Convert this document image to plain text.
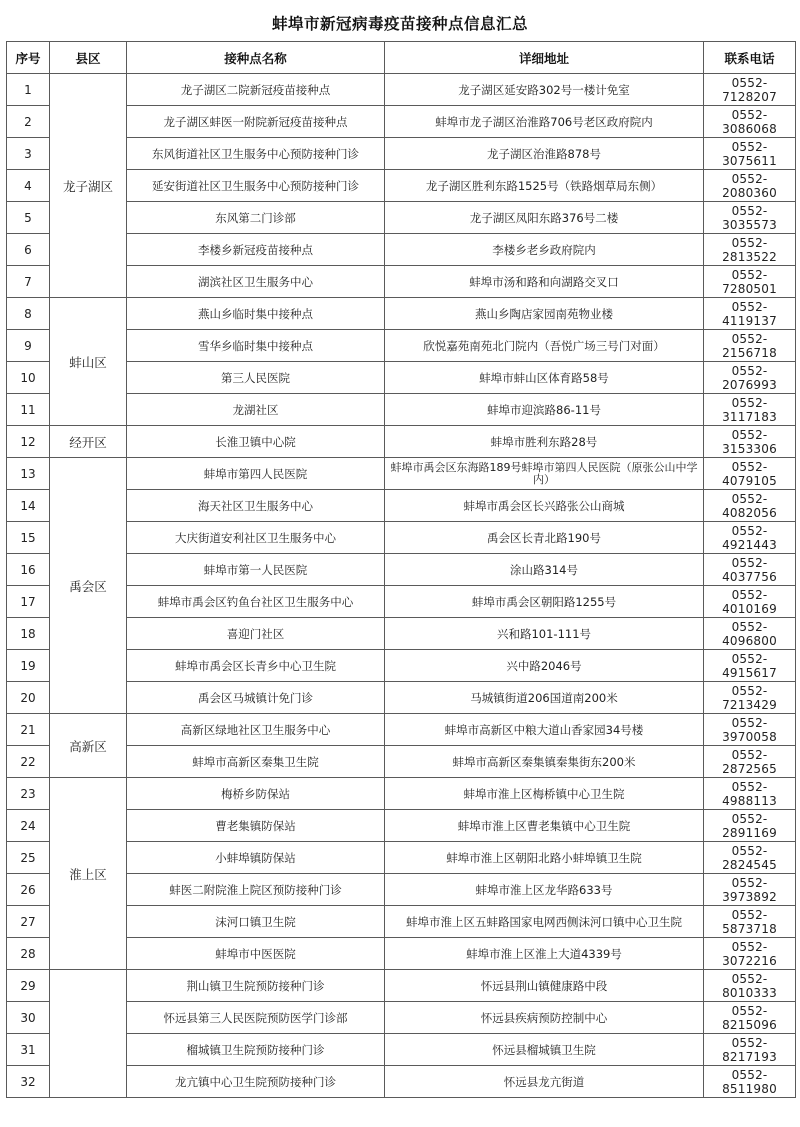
蚌埠市新冠病毒疫苗接种点信息汇总
序号	县区	接种点名称	详细地址	联系电话
1	龙子湖区	龙子湖区二院新冠疫苗接种点	龙子湖区延安路302号一楼计免室	0552-7128207
2		龙子湖区蚌医一附院新冠疫苗接种点	蚌埠市龙子湖区治淮路706号老区政府院内	0552-3086068
3		东风街道社区卫生服务中心预防接种门诊	龙子湖区治淮路878号	0552-3075611
4		延安街道社区卫生服务中心预防接种门诊	龙子湖区胜利东路1525号（铁路烟草局东侧）	0552-2080360
5		东风第二门诊部	龙子湖区凤阳东路376号二楼	0552-3035573
6		李楼乡新冠疫苗接种点	李楼乡老乡政府院内	0552-2813522
7		湖滨社区卫生服务中心	蚌埠市汤和路和向湖路交叉口	0552-7280501
8	蚌山区	燕山乡临时集中接种点	燕山乡陶店家园南苑物业楼	0552-4119137
9		雪华乡临时集中接种点	欣悦嘉苑南苑北门院内（吾悦广场三号门对面）	0552-2156718
10		第三人民医院	蚌埠市蚌山区体育路58号	0552-2076993
11		龙湖社区	蚌埠市迎滨路86-11号	0552-3117183
12	经开区	长淮卫镇中心院	蚌埠市胜利东路28号	0552-3153306
13	禹会区	蚌埠市第四人民医院	蚌埠市禹会区东海路189号蚌埠市第四人民医院（原张公山中学内）	0552-4079105
14		海天社区卫生服务中心	蚌埠市禹会区长兴路张公山商城	0552-4082056
15		大庆街道安利社区卫生服务中心	禹会区长青北路190号	0552-4921443
16		蚌埠市第一人民医院	涂山路314号	0552-4037756
17		蚌埠市禹会区钓鱼台社区卫生服务中心	蚌埠市禹会区朝阳路1255号	0552-4010169
18		喜迎门社区	兴和路101-111号	0552-4096800
19		蚌埠市禹会区长青乡中心卫生院	兴中路2046号	0552-4915617
20		禹会区马城镇计免门诊	马城镇街道206国道南200米	0552-7213429
21	高新区	高新区绿地社区卫生服务中心	蚌埠市高新区中粮大道山香家园34号楼	0552-3970058
22		蚌埠市高新区秦集卫生院	蚌埠市高新区秦集镇秦集街东200米	0552-2872565
23	淮上区	梅桥乡防保站	蚌埠市淮上区梅桥镇中心卫生院	0552-4988113
24		曹老集镇防保站	蚌埠市淮上区曹老集镇中心卫生院	0552-2891169
25		小蚌埠镇防保站	蚌埠市淮上区朝阳北路小蚌埠镇卫生院	0552-2824545
26		蚌医二附院淮上院区预防接种门诊	蚌埠市淮上区龙华路633号	0552-3973892
27		沫河口镇卫生院	蚌埠市淮上区五蚌路国家电网西侧沫河口镇中心卫生院	0552-5873718
28		蚌埠市中医医院	蚌埠市淮上区淮上大道4339号	0552-3072216
29		荆山镇卫生院预防接种门诊	怀远县荆山镇健康路中段	0552-8010333
30		怀远县第三人民医院预防医学门诊部	怀远县疾病预防控制中心	0552-8215096
31		榴城镇卫生院预防接种门诊	怀远县榴城镇卫生院	0552-8217193
32		龙亢镇中心卫生院预防接种门诊	怀远县龙亢街道	0552-8511980
